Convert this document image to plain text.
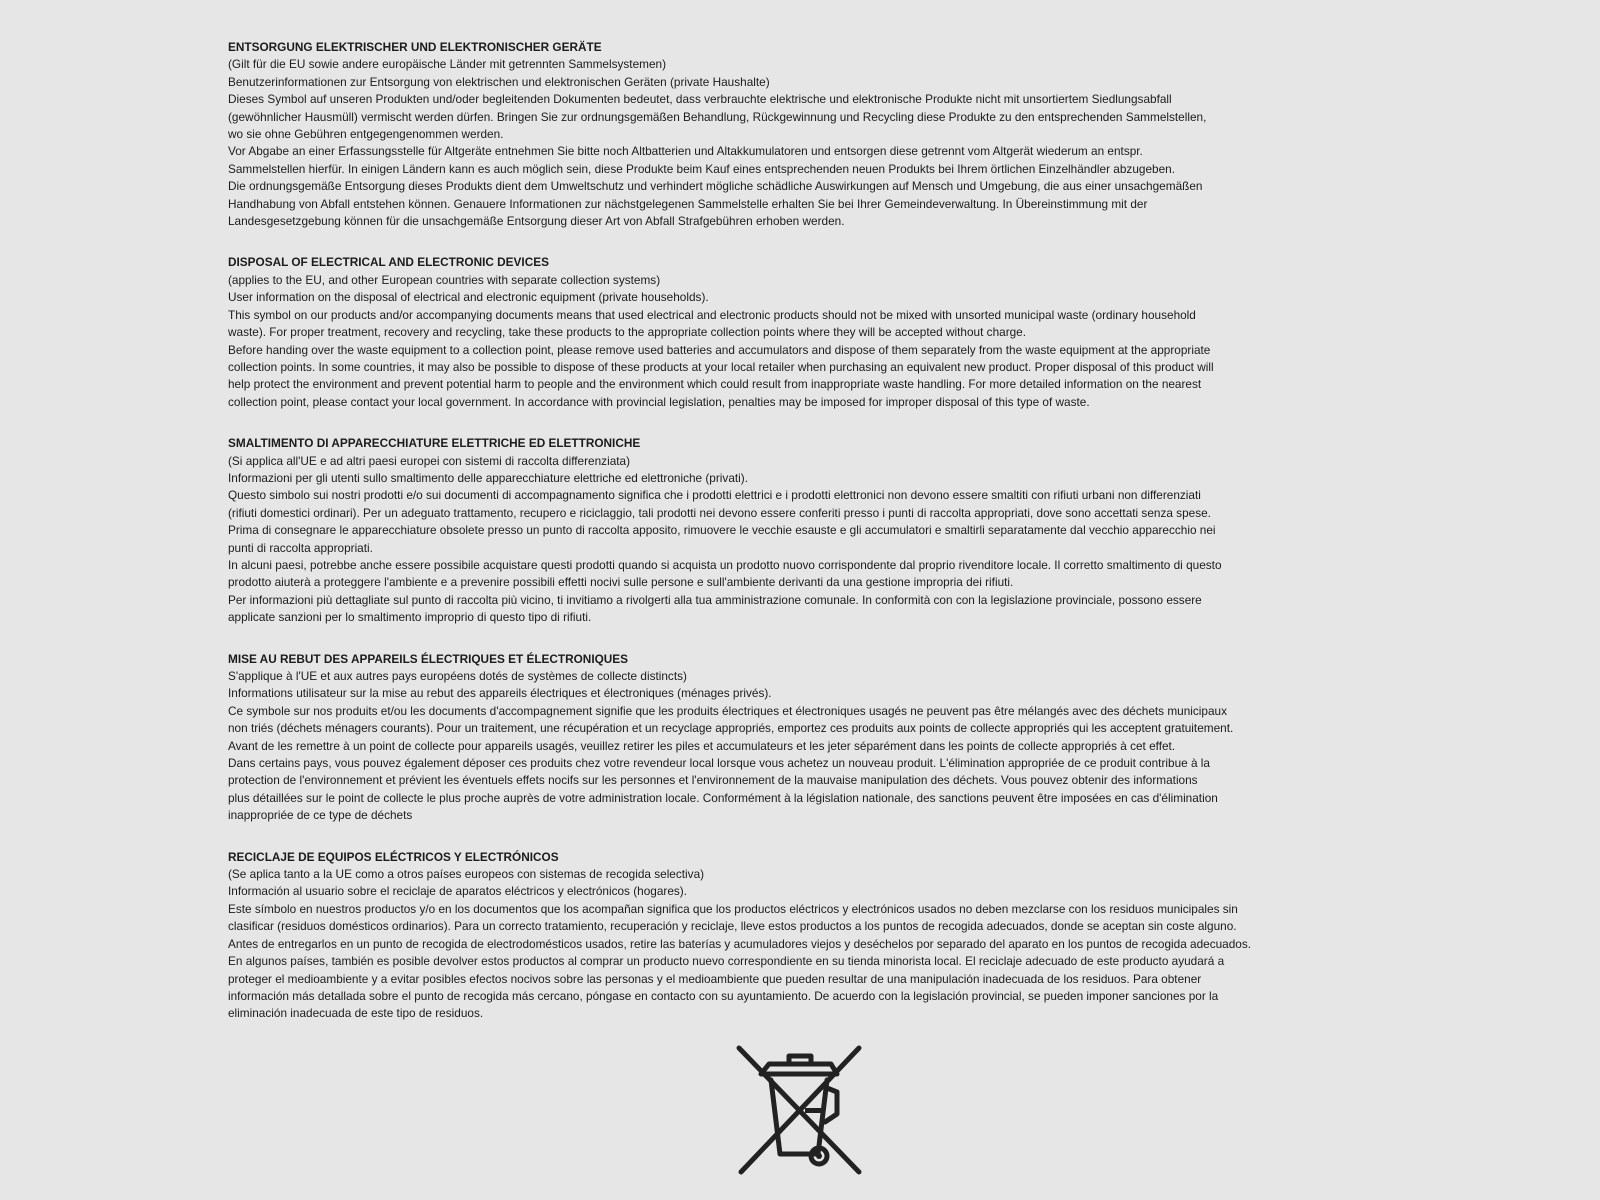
ENTSORGUNG ELEKTRISCHER UND ELEKTRONISCHER GERÄTE
(Gilt für die EU sowie andere europäische Länder mit getrennten Sammelsystemen)
Benutzerinformationen zur Entsorgung von elektrischen und elektronischen Geräten (private Haushalte)
Dieses Symbol auf unseren Produkten und/oder begleitenden Dokumenten bedeutet, dass verbrauchte elektrische und elektronische Produkte nicht mit unsortiertem Siedlungsabfall
(gewöhnlicher Hausmüll) vermischt werden dürfen. Bringen Sie zur ordnungsgemäßen Behandlung, Rückgewinnung und Recycling diese Produkte zu den entsprechenden Sammelstellen,
wo sie ohne Gebühren entgegengenommen werden.
Vor Abgabe an einer Erfassungsstelle für Altgeräte entnehmen Sie bitte noch Altbatterien und Altakkumulatoren und entsorgen diese getrennt vom Altgerät wiederum an entspr.
Sammelstellen hierfür. In einigen Ländern kann es auch möglich sein, diese Produkte beim Kauf eines entsprechenden neuen Produkts bei Ihrem örtlichen Einzelhändler abzugeben.
Die ordnungsgemäße Entsorgung dieses Produkts dient dem Umweltschutz und verhindert mögliche schädliche Auswirkungen auf Mensch und Umgebung, die aus einer unsachgemäßen
Handhabung von Abfall entstehen können. Genauere Informationen zur nächstgelegenen Sammelstelle erhalten Sie bei Ihrer Gemeindeverwaltung. In Übereinstimmung mit der
Landesgesetzgebung können für die unsachgemäße Entsorgung dieser Art von Abfall Strafgebühren erhoben werden.
DISPOSAL OF ELECTRICAL AND ELECTRONIC DEVICES
(applies to the EU, and other European countries with separate collection systems)
User information on the disposal of electrical and electronic equipment (private households).
This symbol on our products and/or accompanying documents means that used electrical and electronic products should not be mixed with unsorted municipal waste (ordinary household
waste). For proper treatment, recovery and recycling, take these products to the appropriate collection points where they will be accepted without charge.
Before handing over the waste equipment to a collection point, please remove used batteries and accumulators and dispose of them separately from the waste equipment at the appropriate
collection points. In some countries, it may also be possible to dispose of these products at your local retailer when purchasing an equivalent new product. Proper disposal of this product will
help protect the environment and prevent potential harm to people and the environment which could result from inappropriate waste handling. For more detailed information on the nearest
collection point, please contact your local government. In accordance with provincial legislation, penalties may be imposed for improper disposal of this type of waste.
SMALTIMENTO DI APPARECCHIATURE ELETTRICHE ED ELETTRONICHE
(Si applica all'UE e ad altri paesi europei con sistemi di raccolta differenziata)
Informazioni per gli utenti sullo smaltimento delle apparecchiature elettriche ed elettroniche (privati).
Questo simbolo sui nostri prodotti e/o sui documenti di accompagnamento significa che i prodotti elettrici e i prodotti elettronici non devono essere smaltiti con rifiuti urbani non differenziati
(rifiuti domestici ordinari). Per un adeguato trattamento, recupero e riciclaggio, tali prodotti nei devono essere conferiti presso i punti di raccolta appropriati, dove sono accettati senza spese.
Prima di consegnare le apparecchiature obsolete presso un punto di raccolta apposito, rimuovere le vecchie esauste e gli accumulatori e smaltirli separatamente dal vecchio apparecchio nei
punti di raccolta appropriati.
In alcuni paesi, potrebbe anche essere possibile acquistare questi prodotti quando si acquista un prodotto nuovo corrispondente dal proprio rivenditore locale. Il corretto smaltimento di questo
prodotto aiuterà a proteggere l'ambiente e a prevenire possibili effetti nocivi sulle persone e sull'ambiente derivanti da una gestione impropria dei rifiuti.
Per informazioni più dettagliate sul punto di raccolta più vicino, ti invitiamo a rivolgerti alla tua amministrazione comunale. In conformità con con la legislazione provinciale, possono essere
applicate sanzioni per lo smaltimento improprio di questo tipo di rifiuti.
MISE AU REBUT DES APPAREILS ÉLECTRIQUES ET ÉLECTRONIQUES
S'applique à l'UE et aux autres pays européens dotés de systèmes de collecte distincts)
Informations utilisateur sur la mise au rebut des appareils électriques et électroniques (ménages privés).
Ce symbole sur nos produits et/ou les documents d'accompagnement signifie que les produits électriques et électroniques usagés ne peuvent pas être mélangés avec des déchets municipaux
non triés (déchets ménagers courants). Pour un traitement, une récupération et un recyclage appropriés, emportez ces produits aux points de collecte appropriés qui les acceptent gratuitement.
Avant de les remettre à un point de collecte pour appareils usagés, veuillez retirer les piles et accumulateurs et les jeter séparément dans les points de collecte appropriés à cet effet.
Dans certains pays, vous pouvez également déposer ces produits chez votre revendeur local lorsque vous achetez un nouveau produit. L'élimination appropriée de ce produit contribue à la
protection de l'environnement et prévient les éventuels effets nocifs sur les personnes et l'environnement de la mauvaise manipulation des déchets. Vous pouvez obtenir des informations
plus détaillées sur le point de collecte le plus proche auprès de votre administration locale. Conformément à la législation nationale, des sanctions peuvent être imposées en cas d'élimination
inappropriée de ce type de déchets
RECICLAJE DE EQUIPOS ELÉCTRICOS Y ELECTRÓNICOS
(Se aplica tanto a la UE como a otros países europeos con sistemas de recogida selectiva)
Información al usuario sobre el reciclaje de aparatos eléctricos y electrónicos (hogares).
Este símbolo en nuestros productos y/o en los documentos que los acompañan significa que los productos eléctricos y electrónicos usados no deben mezclarse con los residuos municipales sin
clasificar (residuos domésticos ordinarios). Para un correcto tratamiento, recuperación y reciclaje, lleve estos productos a los puntos de recogida adecuados, donde se aceptan sin coste alguno.
Antes de entregarlos en un punto de recogida de electrodomésticos usados, retire las baterías y acumuladores viejos y deséchelos por separado del aparato en los puntos de recogida adecuados.
En algunos países, también es posible devolver estos productos al comprar un producto nuevo correspondiente en su tienda minorista local. El reciclaje adecuado de este producto ayudará a
proteger el medioambiente y a evitar posibles efectos nocivos sobre las personas y el medioambiente que pueden resultar de una manipulación inadecuada de los residuos. Para obtener
información más detallada sobre el punto de recogida más cercano, póngase en contacto con su ayuntamiento. De acuerdo con la legislación provincial, se pueden imponer sanciones por la
eliminación inadecuada de este tipo de residuos.
